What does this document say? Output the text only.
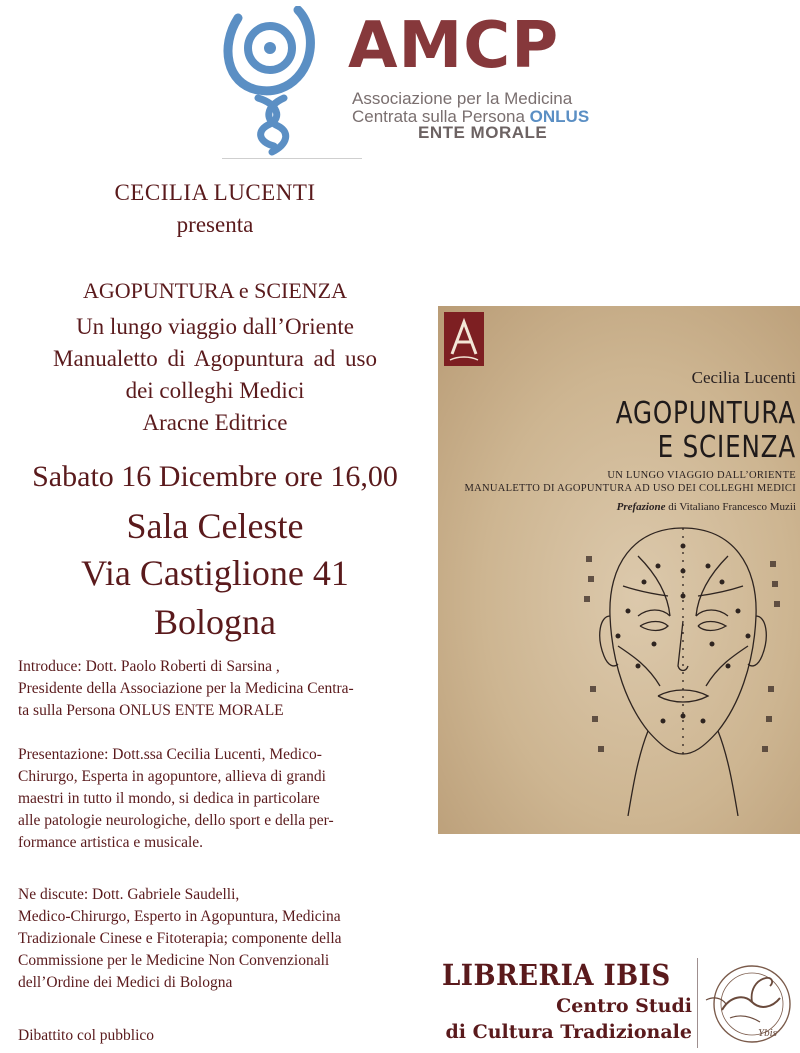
AMCP
Associazione per la Medicina
Centrata sulla Persona ONLUS
ENTE MORALE
CECILIA LUCENTI
presenta
AGOPUNTURA e SCIENZA
Un lungo viaggio dall’Oriente
Manualetto di Agopuntura ad uso
dei colleghi Medici
Aracne Editrice
Sabato 16 Dicembre ore 16,00
Sala Celeste
Via Castiglione 41
Bologna
Introduce: Dott. Paolo Roberti di Sarsina ,
Presidente della Associazione per la Medicina Centra-
ta sulla Persona ONLUS ENTE MORALE
Presentazione: Dott.ssa Cecilia Lucenti, Medico-
Chirurgo, Esperta in agopuntore, allieva di grandi
maestri in tutto il mondo, si dedica in particolare
alle patologie neurologiche, dello sport e della per-
formance artistica e musicale.
Ne discute: Dott. Gabriele Saudelli,
Medico-Chirurgo, Esperto in Agopuntura, Medicina
Tradizionale Cinese e Fitoterapia; componente della
Commissione per le Medicine Non Convenzionali
dell’Ordine dei Medici di Bologna
Dibattito col pubblico
Cecilia Lucenti
AGOPUNTURA
E SCIENZA
UN LUNGO VIAGGIO DALL’ORIENTE
MANUALETTO DI AGOPUNTURA AD USO DEI COLLEGHI MEDICI
Prefazione di Vitaliano Francesco Muzii
LIBRERIA IBIS
Centro Studi
di Cultura Tradizionale	Ybis
